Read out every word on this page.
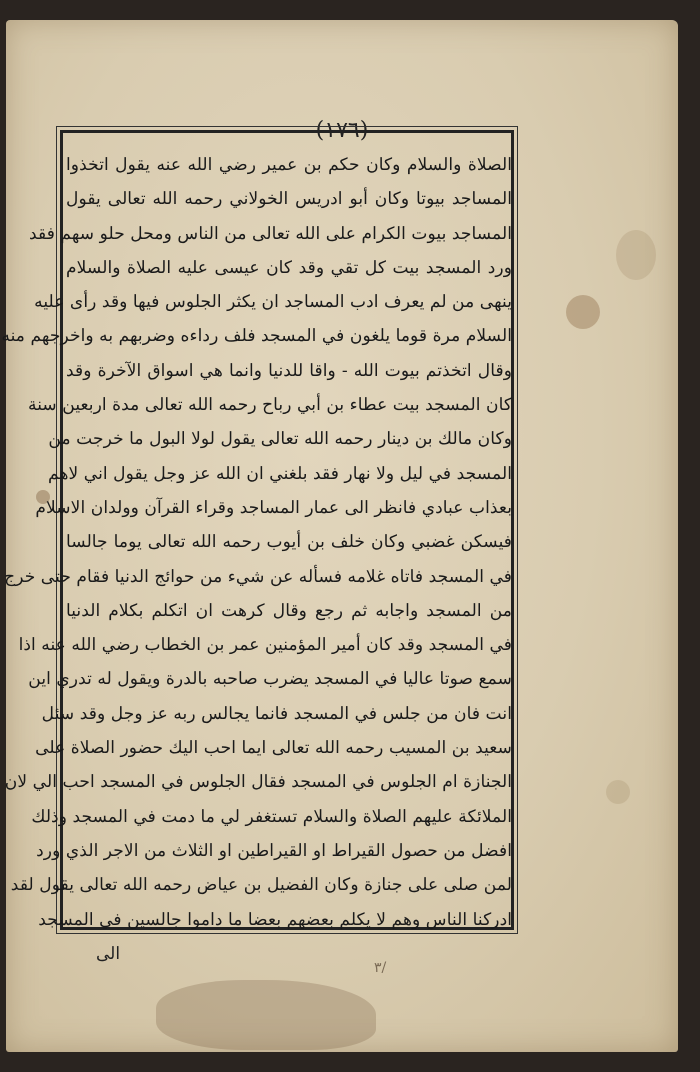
(١٧٦)
الصلاة والسلام وكان حكم بن عمير رضي الله عنه يقول اتخذوا
المساجد بيوتا وكان أبو ادريس الخولاني رحمه الله تعالى يقول
المساجد بيوت الكرام على الله تعالى من الناس ومحل حلو سهم فقد
ورد المسجد بيت كل تقي وقد كان عيسى عليه الصلاة والسلام
ينهى من لم يعرف ادب المساجد ان يكثر الجلوس فيها وقد رأى عليه
السلام مرة قوما يلغون في المسجد فلف رداءه وضربهم به واخرجهم منه
وقال اتخذتم بيوت الله - واقا للدنيا وانما هي اسواق الآخرة وقد
كان المسجد بيت عطاء بن أبي رباح رحمه الله تعالى مدة اربعين سنة
وكان مالك بن دينار رحمه الله تعالى يقول لولا البول ما خرجت من
المسجد في ليل ولا نهار فقد بلغني ان الله عز وجل يقول اني لاهم
بعذاب عبادي فانظر الى عمار المساجد وقراء القرآن وولدان الاسلام
فيسكن غضبي وكان خلف بن أيوب رحمه الله تعالى يوما جالسا
في المسجد فاتاه غلامه فسأله عن شيء من حوائج الدنيا فقام حتى خرج
من المسجد واجابه ثم رجع وقال كرهت ان اتكلم بكلام الدنيا
في المسجد وقد كان أمير المؤمنين عمر بن الخطاب رضي الله عنه اذا
سمع صوتا عاليا في المسجد يضرب صاحبه بالدرة ويقول له تدري اين
انت فان من جلس في المسجد فانما يجالس ربه عز وجل وقد سئل
سعيد بن المسيب رحمه الله تعالى ايما احب اليك حضور الصلاة على
الجنازة ام الجلوس في المسجد فقال الجلوس في المسجد احب الي لان
الملائكة عليهم الصلاة والسلام تستغفر لي ما دمت في المسجد وذلك
افضل من حصول القيراط او القيراطين او الثلاث من الاجر الذي ورد
لمن صلى على جنازة وكان الفضيل بن عياض رحمه الله تعالى يقول لقد
ادركنا الناس وهم لا يكلم بعضهم بعضا ما داموا جالسين في المسجد
الى
٣/
